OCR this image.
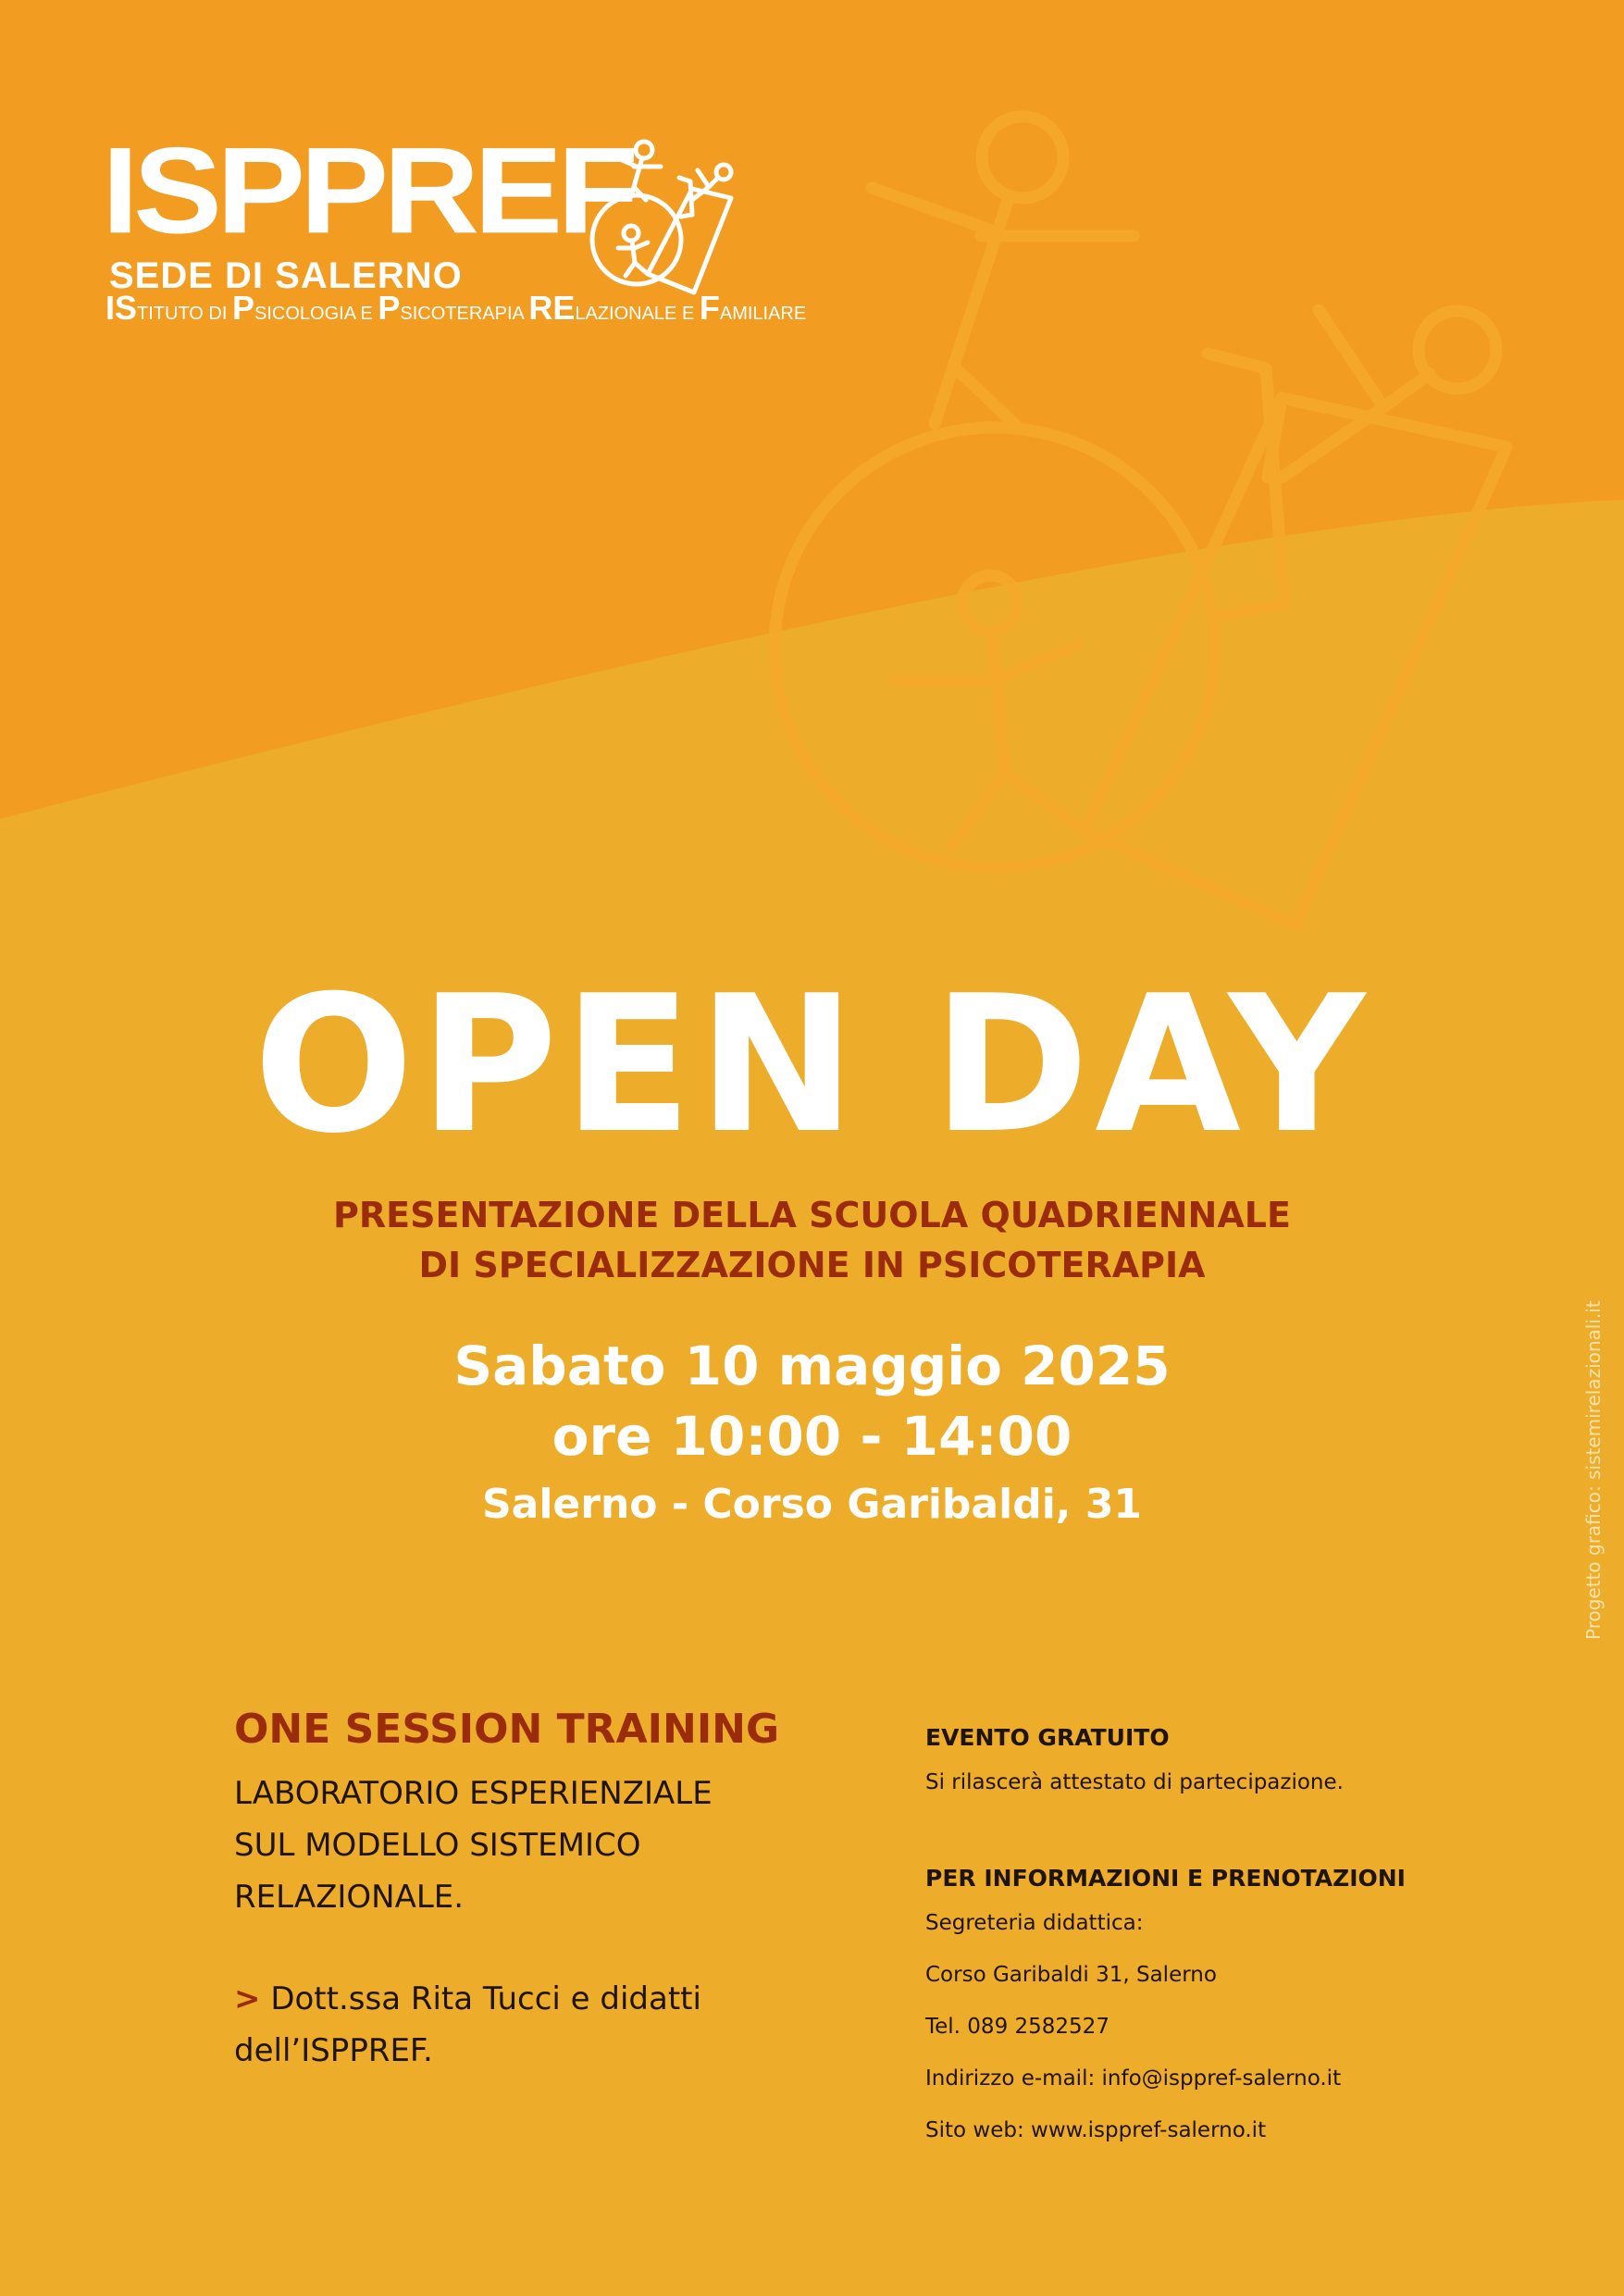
ISPPREF
SEDE DI SALERNO
ISTITUTO DI PSICOLOGIA E PSICOTERAPIA RELAZIONALE E FAMILIARE
OPEN DAY
PRESENTAZIONE DELLA SCUOLA QUADRIENNALE
DI SPECIALIZZAZIONE IN PSICOTERAPIA
Sabato 10 maggio 2025
ore 10:00 - 14:00
Salerno - Corso Garibaldi, 31
ONE SESSION TRAINING
LABORATORIO ESPERIENZIALE
SUL MODELLO SISTEMICO
RELAZIONALE.
> Dott.ssa Rita Tucci e didatti
dell’ISPPREF.
EVENTO GRATUITO
Si rilascerà attestato di partecipazione.
PER INFORMAZIONI E PRENOTAZIONI
Segreteria didattica:
Corso Garibaldi 31, Salerno
Tel. 089 2582527
Indirizzo e-mail: info@isppref-salerno.it
Sito web: www.isppref-salerno.it
Progetto grafico: sistemirelazionali.it
